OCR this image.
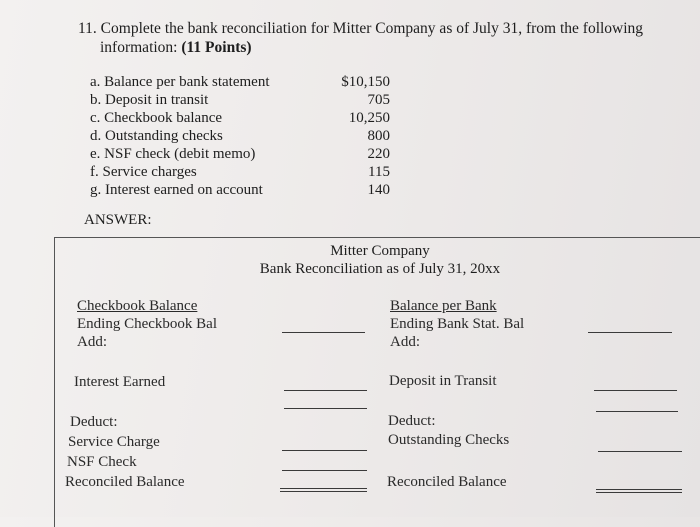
11. Complete the bank reconciliation for Mitter Company as of July 31, from the following
information: (11 Points)
a. Balance per bank statement	$10,150
b. Deposit in transit	705
c. Checkbook balance	10,250
d. Outstanding checks	800
e. NSF check (debit memo)	220
f. Service charges	115
g. Interest earned on account	140
ANSWER:
Mitter Company
Bank Reconciliation as of July 31, 20xx
Checkbook Balance
Ending Checkbook Bal
Add:
Interest Earned
Deduct:
Service Charge
NSF Check
Reconciled Balance
Balance per Bank
Ending Bank Stat. Bal
Add:
Deposit in Transit
Deduct:
Outstanding Checks
Reconciled Balance
